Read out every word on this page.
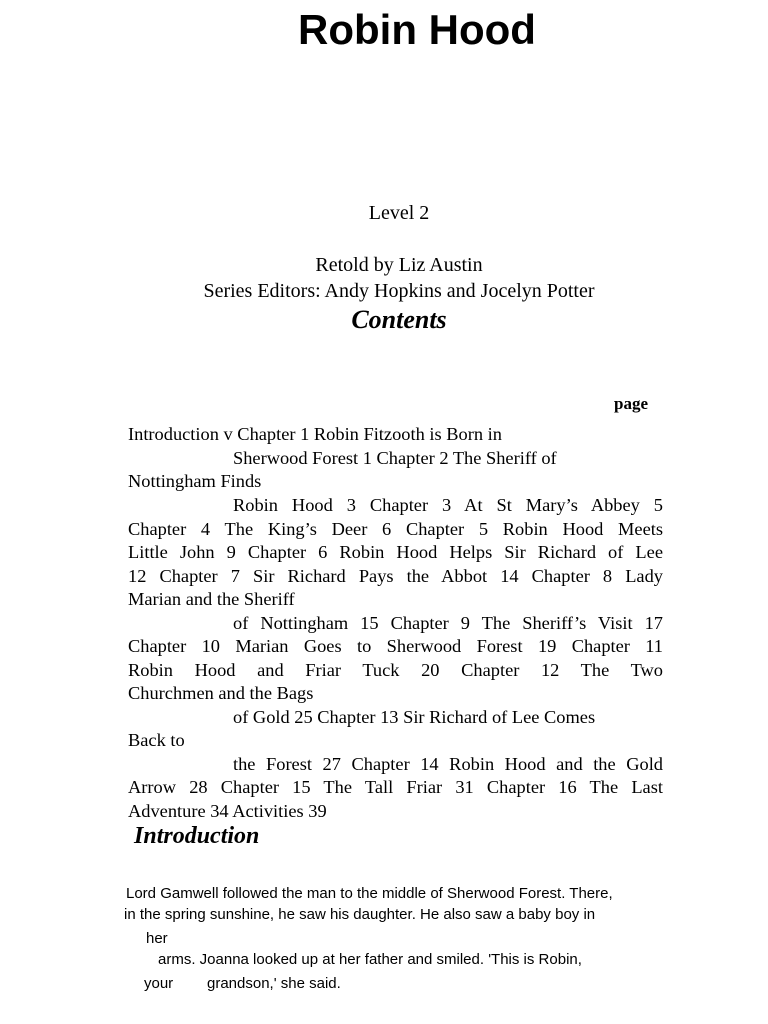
Robin Hood
Level 2
Retold by Liz Austin
Series Editors: Andy Hopkins and Jocelyn Potter
Contents
page
Introduction v Chapter 1 Robin Fitzooth is Born in
Sherwood Forest 1 Chapter 2 The Sheriff of
Nottingham Finds
Robin Hood 3 Chapter 3 At St Mary’s Abbey 5
Chapter 4 The King’s Deer 6 Chapter 5 Robin Hood Meets
Little John 9 Chapter 6 Robin Hood Helps Sir Richard of Lee
12 Chapter 7 Sir Richard Pays the Abbot 14 Chapter 8 Lady
Marian and the Sheriff
of Nottingham 15 Chapter 9 The Sheriff’s Visit 17
Chapter 10 Marian Goes to Sherwood Forest 19 Chapter 11
Robin Hood and Friar Tuck 20 Chapter 12 The Two
Churchmen and the Bags
of Gold 25 Chapter 13 Sir Richard of Lee Comes
Back to
the Forest 27 Chapter 14 Robin Hood and the Gold
Arrow 28 Chapter 15 The Tall Friar 31 Chapter 16 The Last
Adventure 34 Activities 39
Introduction
Lord Gamwell followed the man to the middle of Sherwood Forest. There,
in the spring sunshine, he saw his daughter. He also saw a baby boy in
her
arms. Joanna looked up at her father and smiled. 'This is Robin,
your grandson,' she said.
